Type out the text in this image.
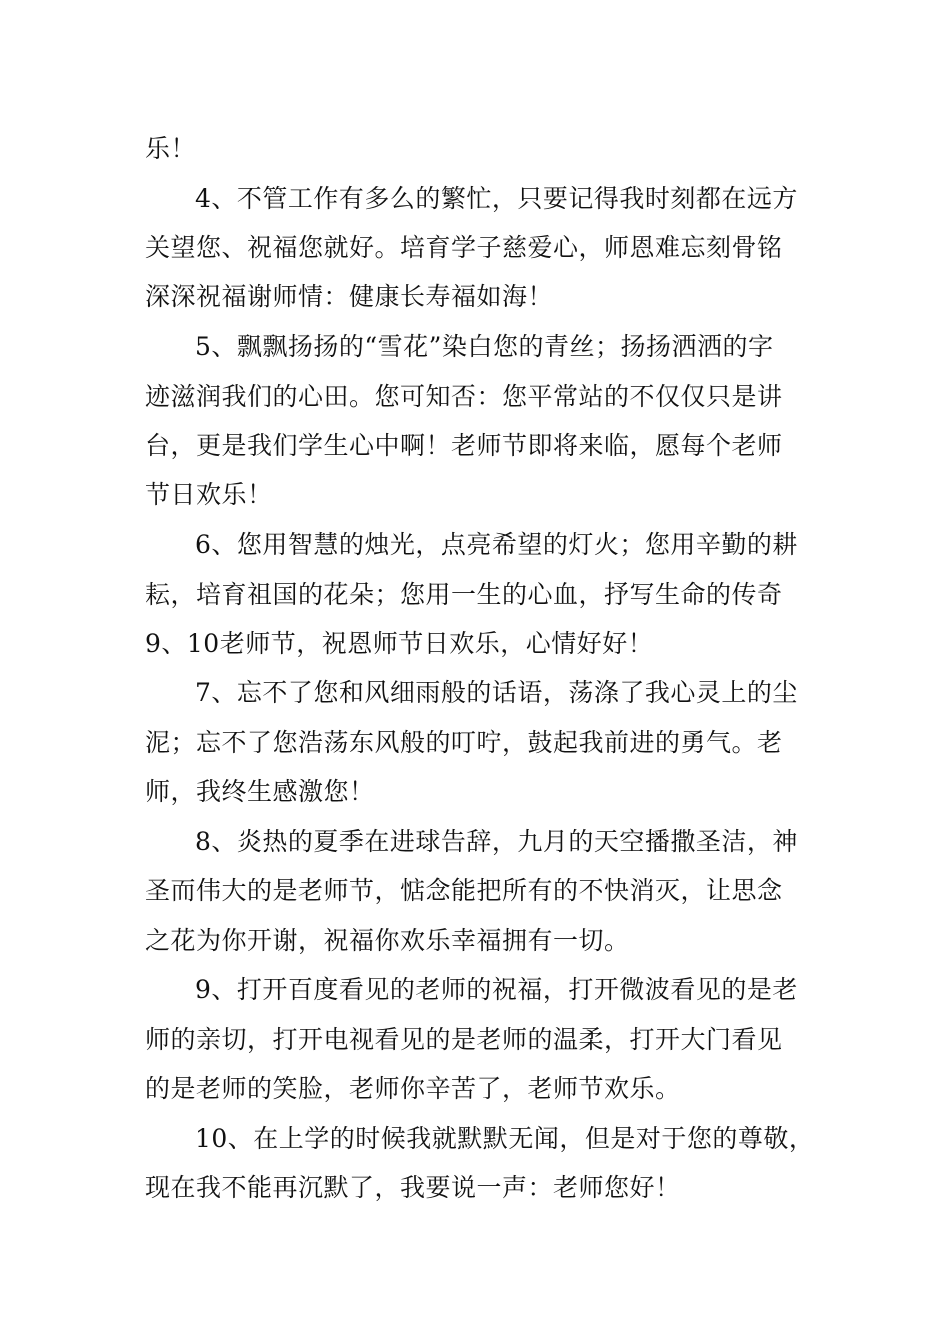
乐！
4、不管工作有多么的繁忙，只要记得我时刻都在远方
关望您、祝福您就好。培育学子慈爱心，师恩难忘刻骨铭
深深祝福谢师情：健康长寿福如海！
5、飘飘扬扬的“雪花”染白您的青丝；扬扬洒洒的字
迹滋润我们的心田。您可知否：您平常站的不仅仅只是讲
台，更是我们学生心中啊！老师节即将来临，愿每个老师
节日欢乐！
6、您用智慧的烛光，点亮希望的灯火；您用辛勤的耕
耘，培育祖国的花朵；您用一生的心血，抒写生命的传奇
9、10老师节，祝恩师节日欢乐，心情好好！
7、忘不了您和风细雨般的话语，荡涤了我心灵上的尘
泥；忘不了您浩荡东风般的叮咛，鼓起我前进的勇气。老
师，我终生感激您！
8、炎热的夏季在进球告辞，九月的天空播撒圣洁，神
圣而伟大的是老师节，惦念能把所有的不快消灭，让思念
之花为你开谢，祝福你欢乐幸福拥有一切。
9、打开百度看见的老师的祝福，打开微波看见的是老
师的亲切，打开电视看见的是老师的温柔，打开大门看见
的是老师的笑脸，老师你辛苦了，老师节欢乐。
10、在上学的时候我就默默无闻，但是对于您的尊敬，
现在我不能再沉默了，我要说一声：老师您好！
